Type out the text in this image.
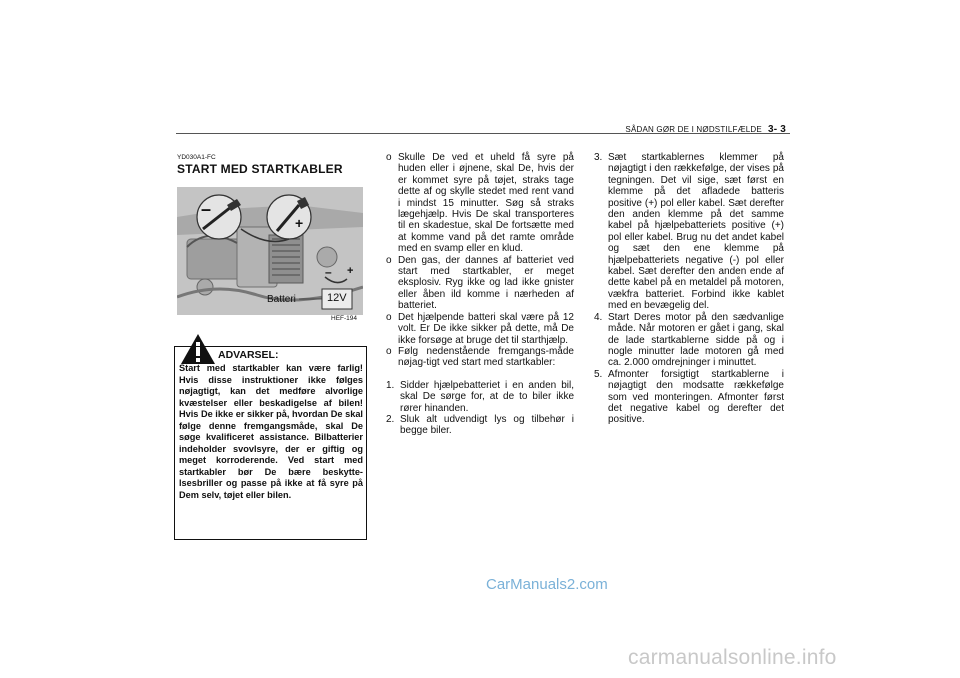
SÅDAN GØR DE I NØDSTILFÆLDE 3- 3
YD030A1-FC
START MED STARTKABLER
–
+
– +
12V
Batteri
HEF-194

Start med startkabler kan være farlig! Hvis disse instruktioner ikke følges nøjagtigt, kan det medføre alvorlige kvæstelser eller beskadigelse af bilen! Hvis De ikke er sikker på, hvordan De skal følge denne fremgangsmåde, skal De søge kvalificeret assistance. Bilbatterier indeholder svovlsyre, der er giftig og meget korroderende. Ved start med startkabler bør De bære beskytte-lsesbriller og passe på ikke at få syre på Dem selv, tøjet eller bilen.

ADVARSEL:
o Skulle De ved et uheld få syre på huden eller i øjnene, skal De, hvis der er kommet syre på tøjet, straks tage dette af og skylle stedet med rent vand i mindst 15 minutter. Søg så straks lægehjælp. Hvis De skal transporteres til en skadestue, skal De fortsætte med at komme vand på det ramte område med en svamp eller en klud.
o Den gas, der dannes af batteriet ved start med startkabler, er meget eksplosiv. Ryg ikke og lad ikke gnister eller åben ild komme i nærheden af batteriet.
o Det hjælpende batteri skal være på 12 volt. Er De ikke sikker på dette, må De ikke forsøge at bruge det til starthjælp.
o Følg nedenstående fremgangs-måde nøjag-tigt ved start med startkabler:
1. Sidder hjælpebatteriet i en anden bil, skal De sørge for, at de to biler ikke rører hinanden.
2. Sluk alt udvendigt lys og tilbehør i begge biler.
3. Sæt startkablernes klemmer på nøjagtigt i den rækkefølge, der vises på tegningen. Det vil sige, sæt først en klemme på det afladede batteris positive (+) pol eller kabel. Sæt derefter den anden klemme på det samme kabel på hjælpebatteriets positive (+) pol eller kabel. Brug nu det andet kabel og sæt den ene klemme på hjælpebatteriets negative (-) pol eller kabel. Sæt derefter den anden ende af dette kabel på en metaldel på motoren, vækfra batteriet. Forbind ikke kablet med en bevægelig del.
4. Start Deres motor på den sædvanlige måde. Når motoren er gået i gang, skal de lade startkablerne sidde på og i nogle minutter lade motoren gå med ca. 2.000 omdrejninger i minuttet.
5. Afmonter forsigtigt startkablerne i nøjagtigt den modsatte rækkefølge som ved monteringen. Afmonter først det negative kabel og derefter det positive.
CarManuals2.com
carmanualsonline.info
